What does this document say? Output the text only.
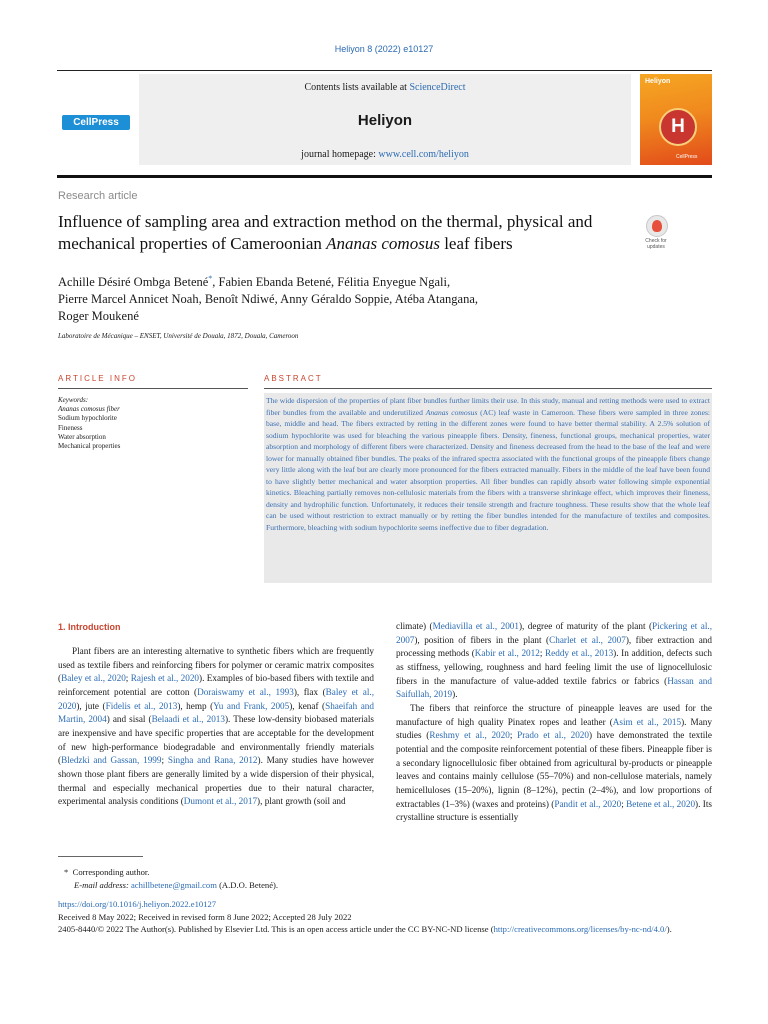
Heliyon 8 (2022) e10127
CellPress
Contents lists available at ScienceDirect
Heliyon
journal homepage: www.cell.com/heliyon
Heliyon
H
CellPress
Research article
Influence of sampling area and extraction method on the thermal, physical and mechanical properties of Cameroonian Ananas comosus leaf fibers	Check for updates
Achille Désiré Ombga Betené*, Fabien Ebanda Betené, Félitia Enyegue Ngali,
Pierre Marcel Annicet Noah, Benoît Ndiwé, Anny Géraldo Soppie, Atéba Atangana,
Roger Moukené
Laboratoire de Mécanique – ENSET, Université de Douala, 1872, Douala, Cameroon
ARTICLE INFO	ABSTRACT
Keywords:
Ananas comosus fiber
Sodium hypochlorite
Fineness
Water absorption
Mechanical properties
The wide dispersion of the properties of plant fiber bundles further limits their use. In this study, manual and retting methods were used to extract fiber bundles from the available and underutilized Ananas comosus (AC) leaf waste in Cameroon. These fibers were sampled in three zones: base, middle and head. The fibers extracted by retting in the different zones were found to have better thermal stability. A 2.5% solution of sodium hypochlorite was used for bleaching the various pineapple fibers. Density, fineness, functional groups, mechanical properties, water absorption and morphology of different fibers were characterized. Density and fineness decreased from the head to the base of the leaf and were lower for manually obtained fiber bundles. The peaks of the infrared spectra associated with the functional groups of the pineapple fibers change very little along with the leaf but are clearly more pronounced for the fibers extracted manually. Fibers in the middle of the leaf have been found to have slightly better mechanical and water absorption properties. All fiber bundles can rapidly absorb water following simple exponential kinetics. Bleaching partially removes non-cellulosic materials from the fibers with a transverse shrinkage effect, which improves their fineness, density and hydrophilic function. Unfortunately, it reduces their tensile strength and fracture toughness. These results show that the whole leaf can be used without restriction to extract manually or by retting the fiber bundles intended for the manufacture of textiles and composites. Furthermore, bleaching with sodium hypochlorite seems ineffective due to fiber degradation.
1. Introduction

Plant fibers are an interesting alternative to synthetic fibers which are frequently used as textile fibers and reinforcing fibers for polymer or ceramic matrix composites (Baley et al., 2020; Rajesh et al., 2020). Examples of bio-based fibers with textile and reinforcement potential are cotton (Doraiswamy et al., 1993), flax (Baley et al., 2020), jute (Fidelis et al., 2013), hemp (Yu and Frank, 2005), kenaf (Shaeifah and Martin, 2004) and sisal (Belaadi et al., 2013). These low-density biobased materials are inexpensive and have specific properties that are acceptable for the development of new high-performance biodegradable and environmentally friendly materials (Bledzki and Gassan, 1999; Singha and Rana, 2012). Many studies have however shown those plant fibers are generally limited by a wide dispersion of their physical, thermal and especially mechanical properties due to their natural character, experimental analysis conditions (Dumont et al., 2017), plant growth (soil and

climate) (Mediavilla et al., 2001), degree of maturity of the plant (Pickering et al., 2007), position of fibers in the plant (Charlet et al., 2007), fiber extraction and processing methods (Kabir et al., 2012; Reddy et al., 2013). In addition, defects such as stiffness, yellowing, roughness and hard feeling limit the use of lignocellulosic fibers in the manufacture of value-added textile fabrics or fabrics (Hassan and Saifullah, 2019).

The fibers that reinforce the structure of pineapple leaves are used for the manufacture of high quality Pinatex ropes and leather (Asim et al., 2015). Many studies (Reshmy et al., 2020; Prado et al., 2020) have demonstrated the textile potential and the composite reinforcement potential of these fibers. Pineapple fiber is a secondary lignocellulosic fiber obtained from agricultural by-products or pineapple leaves and contains mainly cellulose (55–70%) and non-cellulose materials, namely hemicelluloses (15–20%), lignin (8–12%), pectin (2–4%), and low proportions of extractables (1–3%) (waxes and proteins) (Pandit et al., 2020; Betene et al., 2020). Its crystalline structure is essentially

* Corresponding author.
E-mail address: achillbetene@gmail.com (A.D.O. Betené).
https://doi.org/10.1016/j.heliyon.2022.e10127
Received 8 May 2022; Received in revised form 8 June 2022; Accepted 28 July 2022
2405-8440/© 2022 The Author(s). Published by Elsevier Ltd. This is an open access article under the CC BY-NC-ND license (http://creativecommons.org/licenses/by-nc-nd/4.0/).
